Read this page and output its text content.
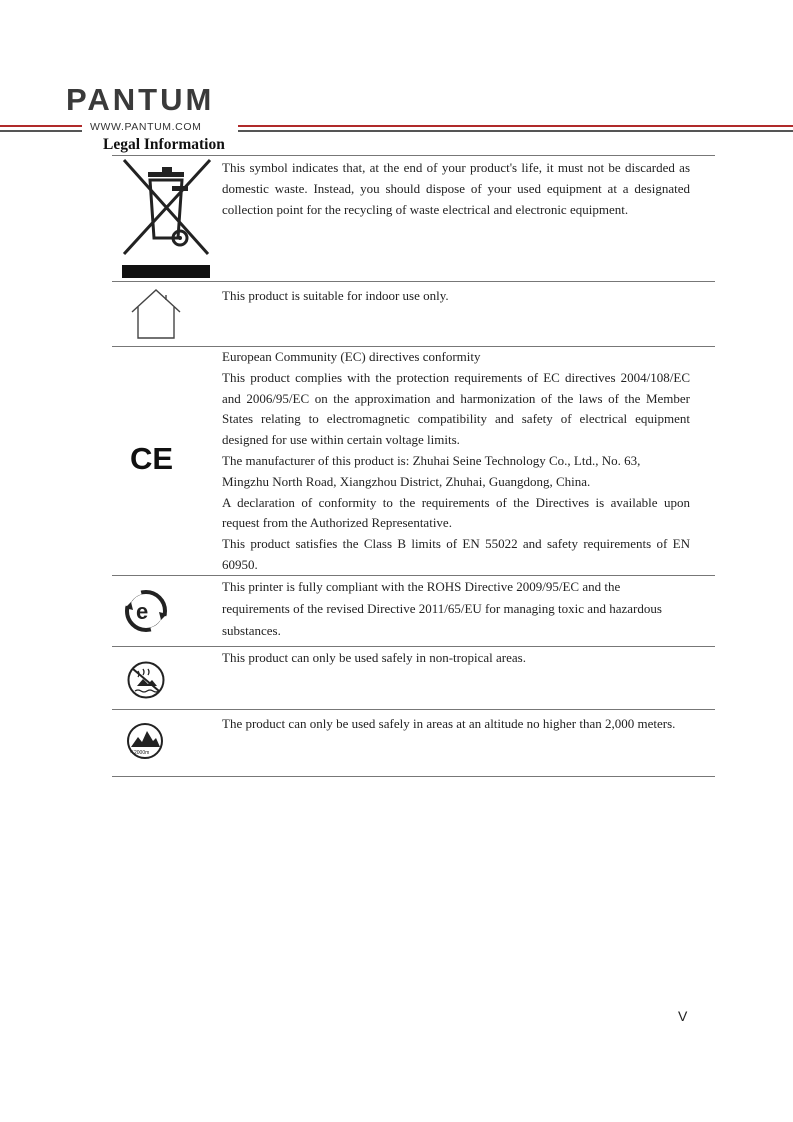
PANTUM
WWW.PANTUM.COM
Legal Information

This symbol indicates that, at the end of your product's life, it must not be discarded as domestic waste. Instead, you should dispose of your used equipment at a designated collection point for the recycling of waste electrical and electronic equipment.

This product is suitable for indoor use only.

CE

European Community (EC) directives conformity

This product complies with the protection requirements of EC directives 2004/108/EC and 2006/95/EC on the approximation and harmonization of the laws of the Member States relating to electromagnetic compatibility and safety of electrical equipment designed for use within certain voltage limits.

The manufacturer of this product is: Zhuhai Seine Technology Co., Ltd., No. 63, Mingzhu North Road, Xiangzhou District, Zhuhai, Guangdong, China.

A declaration of conformity to the requirements of the Directives is available upon request from the Authorized Representative.

This product satisfies the Class B limits of EN 55022 and safety requirements of EN 60950.

e

This printer is fully compliant with the ROHS Directive 2009/95/EC and the requirements of the revised Directive 2011/65/EU for managing toxic and hazardous substances.

This product can only be used safely in non-tropical areas.

2000m
<

The product can only be used safely in areas at an altitude no higher than 2,000 meters.

V
